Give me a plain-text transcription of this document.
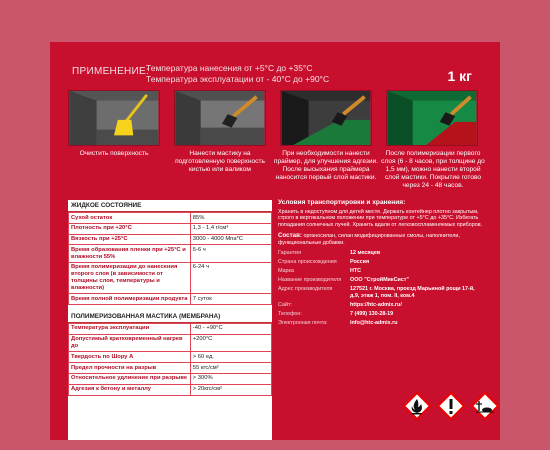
ПРИМЕНЕНИЕ:
Температура нанесения от +5°С до +35°С
Температура эксплуатации от - 40°С до +90°С	1 кг
Очистить поверхность	Нанести мастику на подготовленную поверхность кистью или валиком
При необходимости нанести праймер, для улучшения адгезии. После высыхания праймера наносится первый слой мастики.
После полимеризации первого слоя (6 - 8 часов, при толщине до 1,5 мм), можно нанести второй слой мастики. Покрытие готово через 24 - 48 часов.
ЖИДКОЕ СОСТОЯНИЕ
Сухой остаток	85%
Плотность при +20°С	1,3 - 1,4 г/см³
Вязкость при +25°С	3000 - 4000 Мпа*С
Время образования пленки при +25°С и влажности 55%	5-6 ч
Время полимеризации до нанесения второго слоя (в зависимости от толщины слоя, температуры и влажности)	6-24 ч
Время полной полимеризации продукта	7 суток
ПОЛИМЕРИЗОВАННАЯ МАСТИКА (МЕМБРАНА)
Температура эксплуатации	-40 - +90°С
Допустимый кратковременный нагрев до	+200°С
Твердость по Шору А	> 60 ед.
Предел прочности на разрыв	55 кгс/см²
Относительное удлинение при разрыве	> 300%
Адгезия к бетону и металлу	> 20кгс/см²
Условия транспортировки и хранения:
Хранить в недоступном для детей месте. Держать контейнер плотно закрытым, строго в вертикальном положении при температуре от +5°С до +35°С. Избегать попадания солнечных лучей. Хранить вдали от легковоспламеняемых приборов.
Состав: органосилан, силан модифицированные смолы, наполнители, функциональные добавки.
Гарантия	12 месяцев
Страна происхождения	Россия
Марка	НТС
Название производителя	ООО "СтройМикСист"
Адрес производителя	127521 г. Москва, проезд Марьиной рощи 17-й, д.9, этаж 1, пом. II, ком.4
Сайт:	https://htc-admix.ru/
Телефон:	7 (499) 130-28-19
Электронная почта:	info@htc-admix.ru
